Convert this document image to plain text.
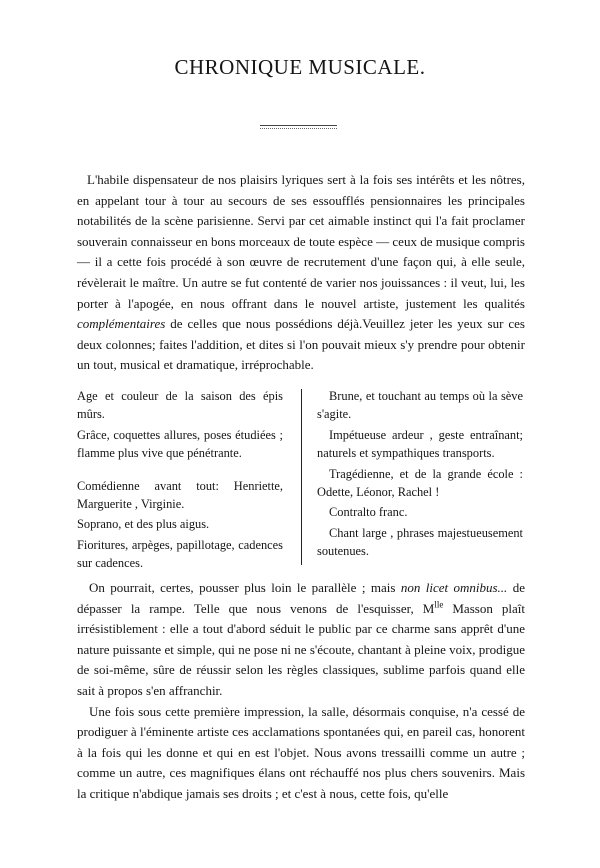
CHRONIQUE MUSICALE.

L'habile dispensateur de nos plaisirs lyriques sert à la fois ses intérêts et les nôtres, en appelant tour à tour au secours de ses essoufflés pensionnaires les principales notabilités de la scène parisienne. Servi par cet aimable instinct qui l'a fait proclamer souverain connaisseur en bons morceaux de toute espèce — ceux de musique compris — il a cette fois procédé à son œuvre de recrutement d'une façon qui, à elle seule, révèlerait le maître. Un autre se fut contenté de varier nos jouissances : il veut, lui, les porter à l'apogée, en nous offrant dans le nouvel artiste, justement les qualités complémentaires de celles que nous possédions déjà.Veuillez jeter les yeux sur ces deux colonnes; faites l'addition, et dites si l'on pouvait mieux s'y prendre pour obtenir un tout, musical et dramatique, irréprochable.

Age et couleur de la saison des épis mûrs.

Grâce, coquettes allures, poses étudiées ; flamme plus vive que pénétrante.

Comédienne avant tout: Henriette, Marguerite , Virginie.

Soprano, et des plus aigus.

Fioritures, arpèges, papillotage, cadences sur cadences.

Brune, et touchant au temps où la sève s'agite.

Impétueuse ardeur , geste entraînant; naturels et sympathiques transports.

Tragédienne, et de la grande école : Odette, Léonor, Rachel !

Contralto franc.

Chant large , phrases majestueusement soutenues.

On pourrait, certes, pousser plus loin le parallèle ; mais non licet omnibus... de dépasser la rampe. Telle que nous venons de l'esquisser, $M^{lle}$ Masson plaît irrésistiblement : elle a tout d'abord séduit le public par ce charme sans apprêt d'une nature puissante et simple, qui ne pose ni ne s'écoute, chantant à pleine voix, prodigue de soi-même, sûre de réussir selon les règles classiques, sublime parfois quand elle sait à propos s'en affranchir.

Une fois sous cette première impression, la salle, désormais conquise, n'a cessé de prodiguer à l'éminente artiste ces acclamations spontanées qui, en pareil cas, honorent à la fois qui les donne et qui en est l'objet. Nous avons tressailli comme un autre ; comme un autre, ces magnifiques élans ont réchauffé nos plus chers souvenirs. Mais la critique n'abdique jamais ses droits ; et c'est à nous, cette fois, qu'elle
